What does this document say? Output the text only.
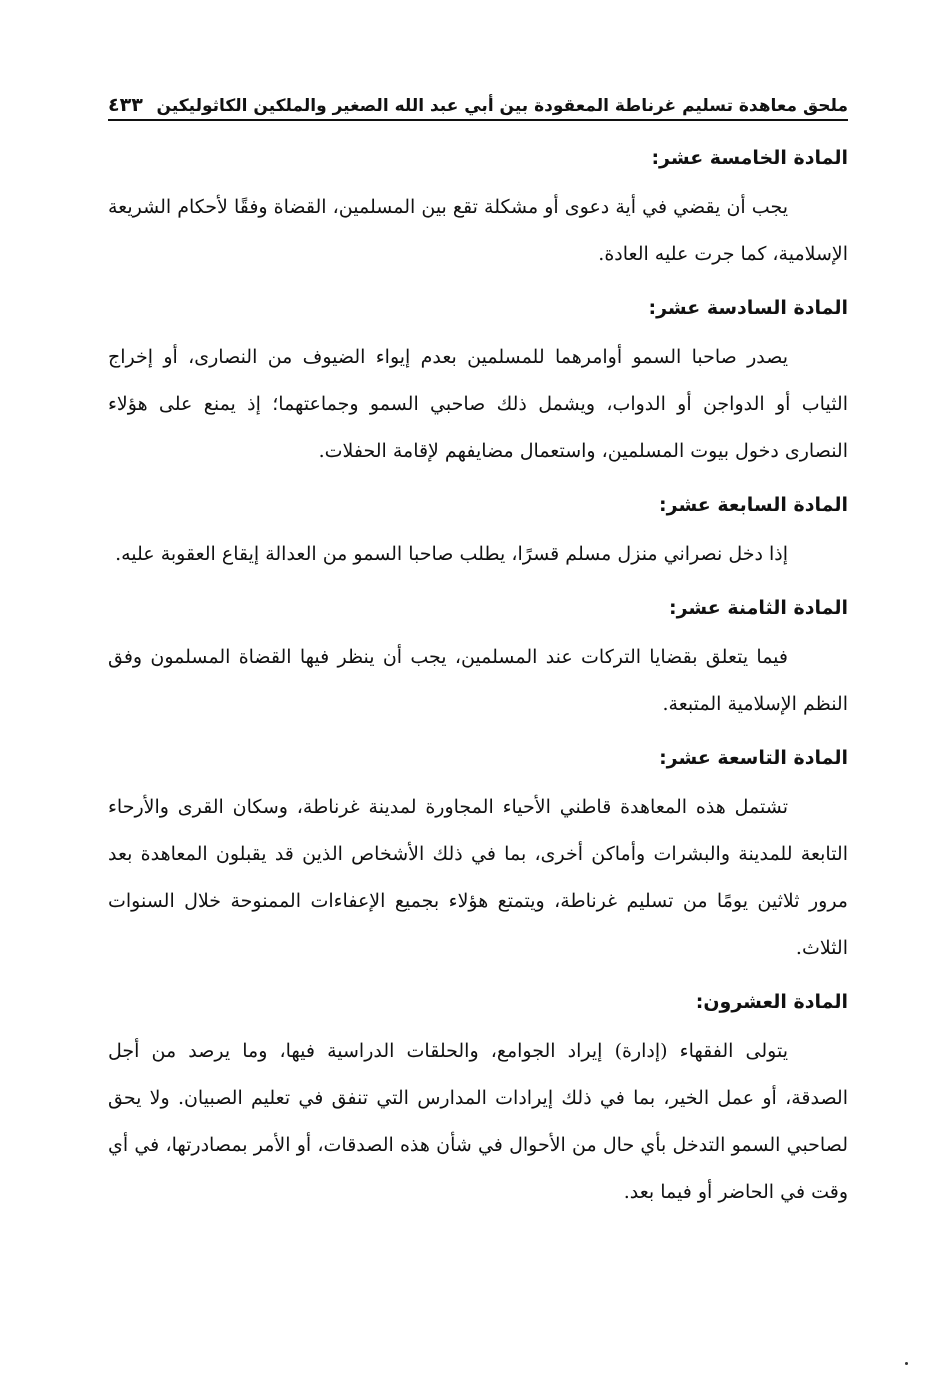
ملحق معاهدة تسليم غرناطة المعقودة بين أبي عبد الله الصغير والملكين الكاثوليكين
٤٣٣
المادة الخامسة عشر:

يجب أن يقضي في أية دعوى أو مشكلة تقع بين المسلمين، القضاة وفقًا لأحكام الشريعة الإسلامية، كما جرت عليه العادة.

المادة السادسة عشر:

يصدر صاحبا السمو أوامرهما للمسلمين بعدم إيواء الضيوف من النصارى، أو إخراج الثياب أو الدواجن أو الدواب، ويشمل ذلك صاحبي السمو وجماعتهما؛ إذ يمنع على هؤلاء النصارى دخول بيوت المسلمين، واستعمال مضايفهم لإقامة الحفلات.

المادة السابعة عشر:

إذا دخل نصراني منزل مسلم قسرًا، يطلب صاحبا السمو من العدالة إيقاع العقوبة عليه.

المادة الثامنة عشر:

فيما يتعلق بقضايا التركات عند المسلمين، يجب أن ينظر فيها القضاة المسلمون وفق النظم الإسلامية المتبعة.

المادة التاسعة عشر:

تشتمل هذه المعاهدة قاطني الأحياء المجاورة لمدينة غرناطة، وسكان القرى والأرحاء التابعة للمدينة والبشرات وأماكن أخرى، بما في ذلك الأشخاص الذين قد يقبلون المعاهدة بعد مرور ثلاثين يومًا من تسليم غرناطة، ويتمتع هؤلاء بجميع الإعفاءات الممنوحة خلال السنوات الثلاث.

المادة العشرون:

يتولى الفقهاء (إدارة) إيراد الجوامع، والحلقات الدراسية فيها، وما يرصد من أجل الصدقة، أو عمل الخير، بما في ذلك إيرادات المدارس التي تنفق في تعليم الصبيان. ولا يحق لصاحبي السمو التدخل بأي حال من الأحوال في شأن هذه الصدقات، أو الأمر بمصادرتها، في أي وقت في الحاضر أو فيما بعد.
